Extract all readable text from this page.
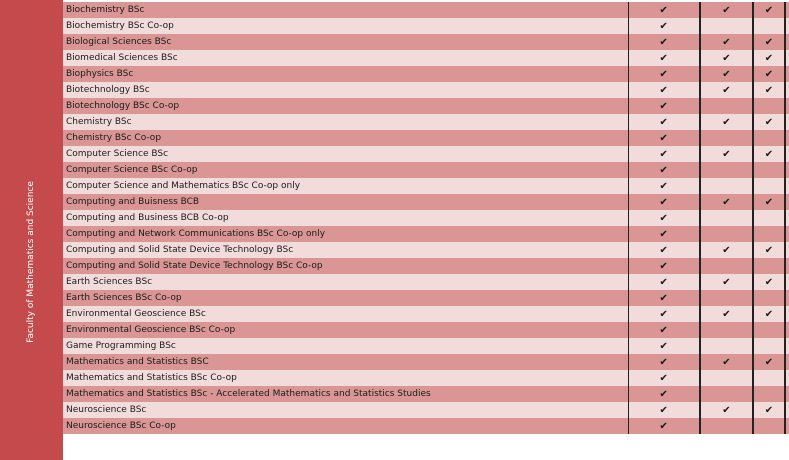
Faculty of Mathematics and Science
Biochemistry BSc	✔	✔	✔	
Biochemistry BSc Co-op	✔			
Biological Sciences BSc	✔	✔	✔	
Biomedical Sciences BSc	✔	✔	✔	
Biophysics BSc	✔	✔	✔	
Biotechnology BSc	✔	✔	✔	
Biotechnology BSc Co-op	✔			
Chemistry BSc	✔	✔	✔	
Chemistry BSc Co-op	✔			
Computer Science BSc	✔	✔	✔	
Computer Science BSc Co-op	✔			
Computer Science and Mathematics BSc Co-op only	✔			
Computing and Buisness BCB	✔	✔	✔	
Computing and Business BCB Co-op	✔			
Computing and Network Communications BSc Co-op only	✔			
Computing and Solid State Device Technology BSc	✔	✔	✔	
Computing and Solid State Device Technology BSc Co-op	✔			
Earth Sciences BSc	✔	✔	✔	
Earth Sciences BSc Co-op	✔			
Environmental Geoscience BSc	✔	✔	✔	
Environmental Geoscience BSc Co-op	✔			
Game Programming BSc	✔			
Mathematics and Statistics BSC	✔	✔	✔	
Mathematics and Statistics BSc Co-op	✔			
Mathematics and Statistics BSc - Accelerated Mathematics and Statistics Studies	✔			
Neuroscience BSc	✔	✔	✔	
Neuroscience BSc Co-op	✔			
